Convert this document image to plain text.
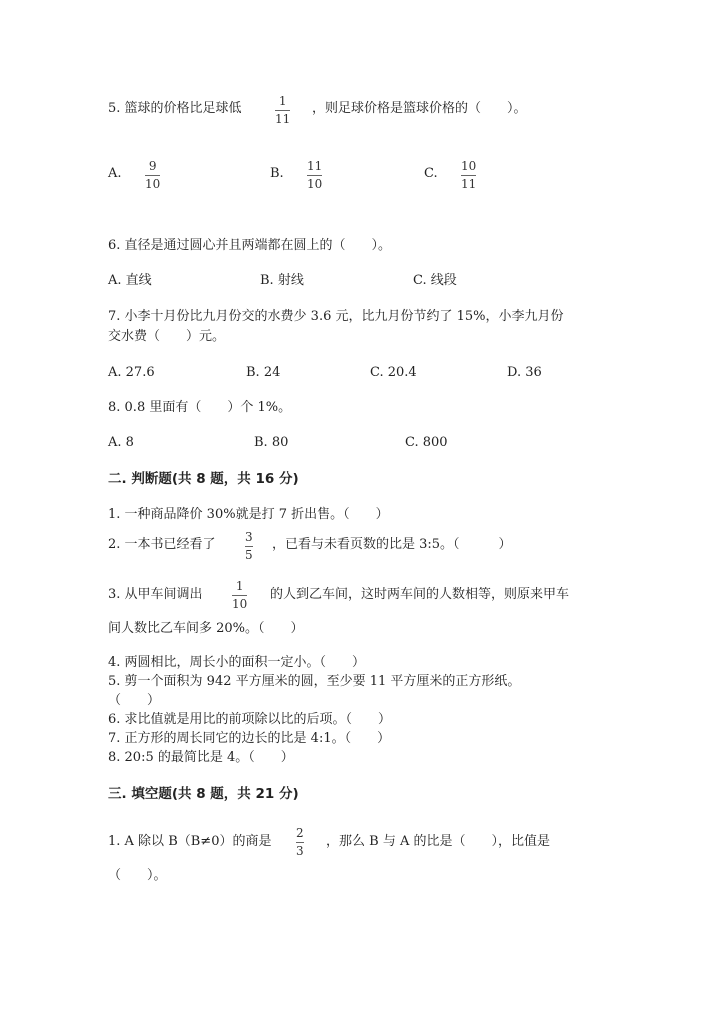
5. 篮球的价格比足球低	1
11
，则足球价格是篮球价格的（　　）。
A. 9
10
B. 11
10
C. 10
11
6. 直径是通过圆心并且两端都在圆上的（　　）。
A. 直线	B. 射线	C. 线段
7. 小李十月份比九月份交的水费少 3.6 元，比九月份节约了 15%，小李九月份
交水费（　　）元。
A. 27.6	B. 24	C. 20.4	D. 36
8. 0.8 里面有（　　）个 1%。
A. 8	B. 80	C. 800
二. 判断题(共 8 题，共 16 分)
1. 一种商品降价 30%就是打 7 折出售。（　　）
2. 一本书已经看了 3
5
，已看与未看页数的比是 3:5。（　　　）
3. 从甲车间调出
1
10
的人到乙车间，这时两车间的人数相等，则原来甲车
间人数比乙车间多 20%。（　　）
4. 两圆相比，周长小的面积一定小。（　　）
5. 剪一个面积为 942 平方厘米的圆，至少要 11 平方厘米的正方形纸。
（　　）
6. 求比值就是用比的前项除以比的后项。（　　）
7. 正方形的周长同它的边长的比是 4:1。（　　）
8. 20:5 的最简比是 4。（　　）
三. 填空题(共 8 题，共 21 分)
1. A 除以 B（B≠0）的商是
2
3
，那么 B 与 A 的比是（　　），比值是
（　　）。
